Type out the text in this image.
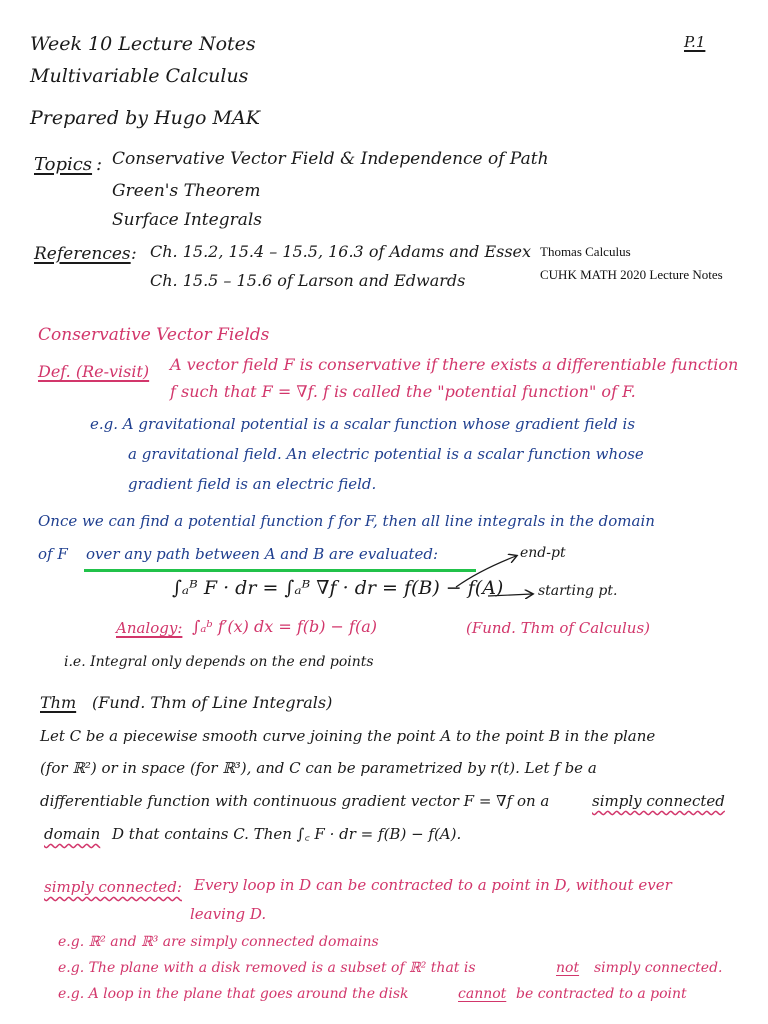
Week 10 Lecture Notes
Multivariable Calculus
Prepared by Hugo MAK
P.1
Topics : Conservative Vector Field & Independence of Path
Green's Theorem
Surface Integrals
References : Ch. 15.2, 15.4 – 15.5, 16.3 of Adams and Essex
Ch. 15.5 – 15.6 of Larson and Edwards
Thomas Calculus
CUHK MATH 2020 Lecture Notes
Conservative Vector Fields
Def. (Re-visit) A vector field F is conservative if there exists a differentiable function
f such that F = ∇f. f is called the "potential function" of F.
e.g. A gravitational potential is a scalar function whose gradient field is
a gravitational field. An electric potential is a scalar function whose
gradient field is an electric field.
Once we can find a potential function f for F, then all line integrals in the domain
of F over any path between A and B are evaluated:	end-pt
∫ₐᴮ F · dr = ∫ₐᴮ ∇f · dr = f(B) − f(A) starting pt.
Analogy: ∫ₐᵇ f′(x) dx = f(b) − f(a)	(Fund. Thm of Calculus)
i.e. Integral only depends on the end points
Thm (Fund. Thm of Line Integrals)
Let C be a piecewise smooth curve joining the point A to the point B in the plane
(for ℝ²) or in space (for ℝ³), and C can be parametrized by r(t). Let f be a
differentiable function with continuous gradient vector F = ∇f on a	simply connected
domain D that contains C. Then ∫꜀ F · dr = f(B) − f(A).
simply connected: Every loop in D can be contracted to a point in D, without ever
leaving D.
e.g. ℝ² and ℝ³ are simply connected domains
e.g. The plane with a disk removed is a subset of ℝ² that is	not simply connected.
e.g. A loop in the plane that goes around the disk	cannot be contracted to a point
